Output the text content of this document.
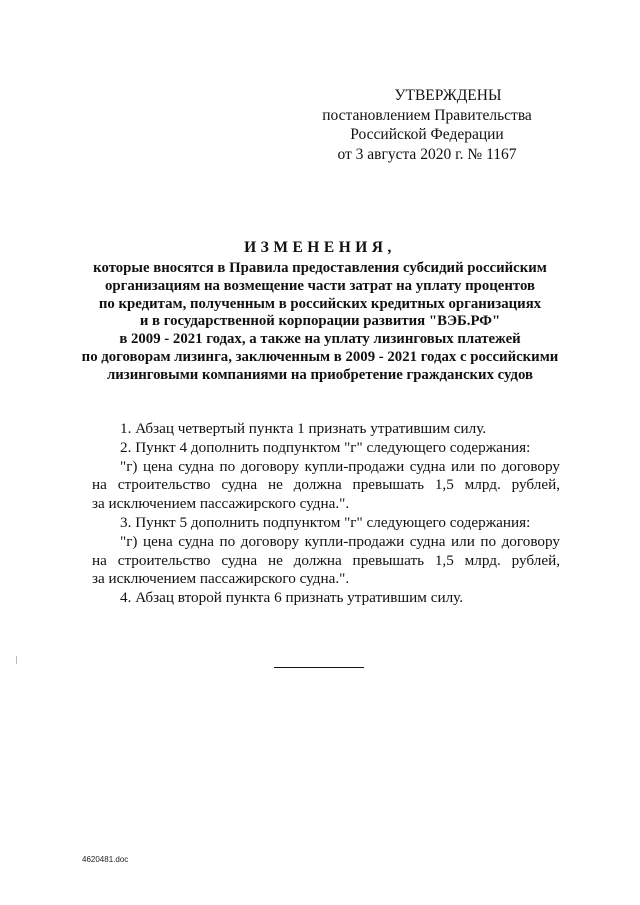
УТВЕРЖДЕНЫ
постановлением Правительства
Российской Федерации
от 3 августа 2020 г. № 1167
ИЗМЕНЕНИЯ,
которые вносятся в Правила предоставления субсидий российским
организациям на возмещение части затрат на уплату процентов
по кредитам, полученным в российских кредитных организациях
и в государственной корпорации развития "ВЭБ.РФ"
в 2009 - 2021 годах, а также на уплату лизинговых платежей
по договорам лизинга, заключенным в 2009 - 2021 годах с российскими
лизинговыми компаниями на приобретение гражданских судов

1. Абзац четвертый пункта 1 признать утратившим силу.

2. Пункт 4 дополнить подпунктом "г" следующего содержания:

"г) цена судна по договору купли-продажи судна или по договору

на строительство судна не должна превышать 1,5 млрд. рублей,

за исключением пассажирского судна.".

3. Пункт 5 дополнить подпунктом "г" следующего содержания:

"г) цена судна по договору купли-продажи судна или по договору

на строительство судна не должна превышать 1,5 млрд. рублей,

за исключением пассажирского судна.".

4. Абзац второй пункта 6 признать утратившим силу.

4620481.doc
